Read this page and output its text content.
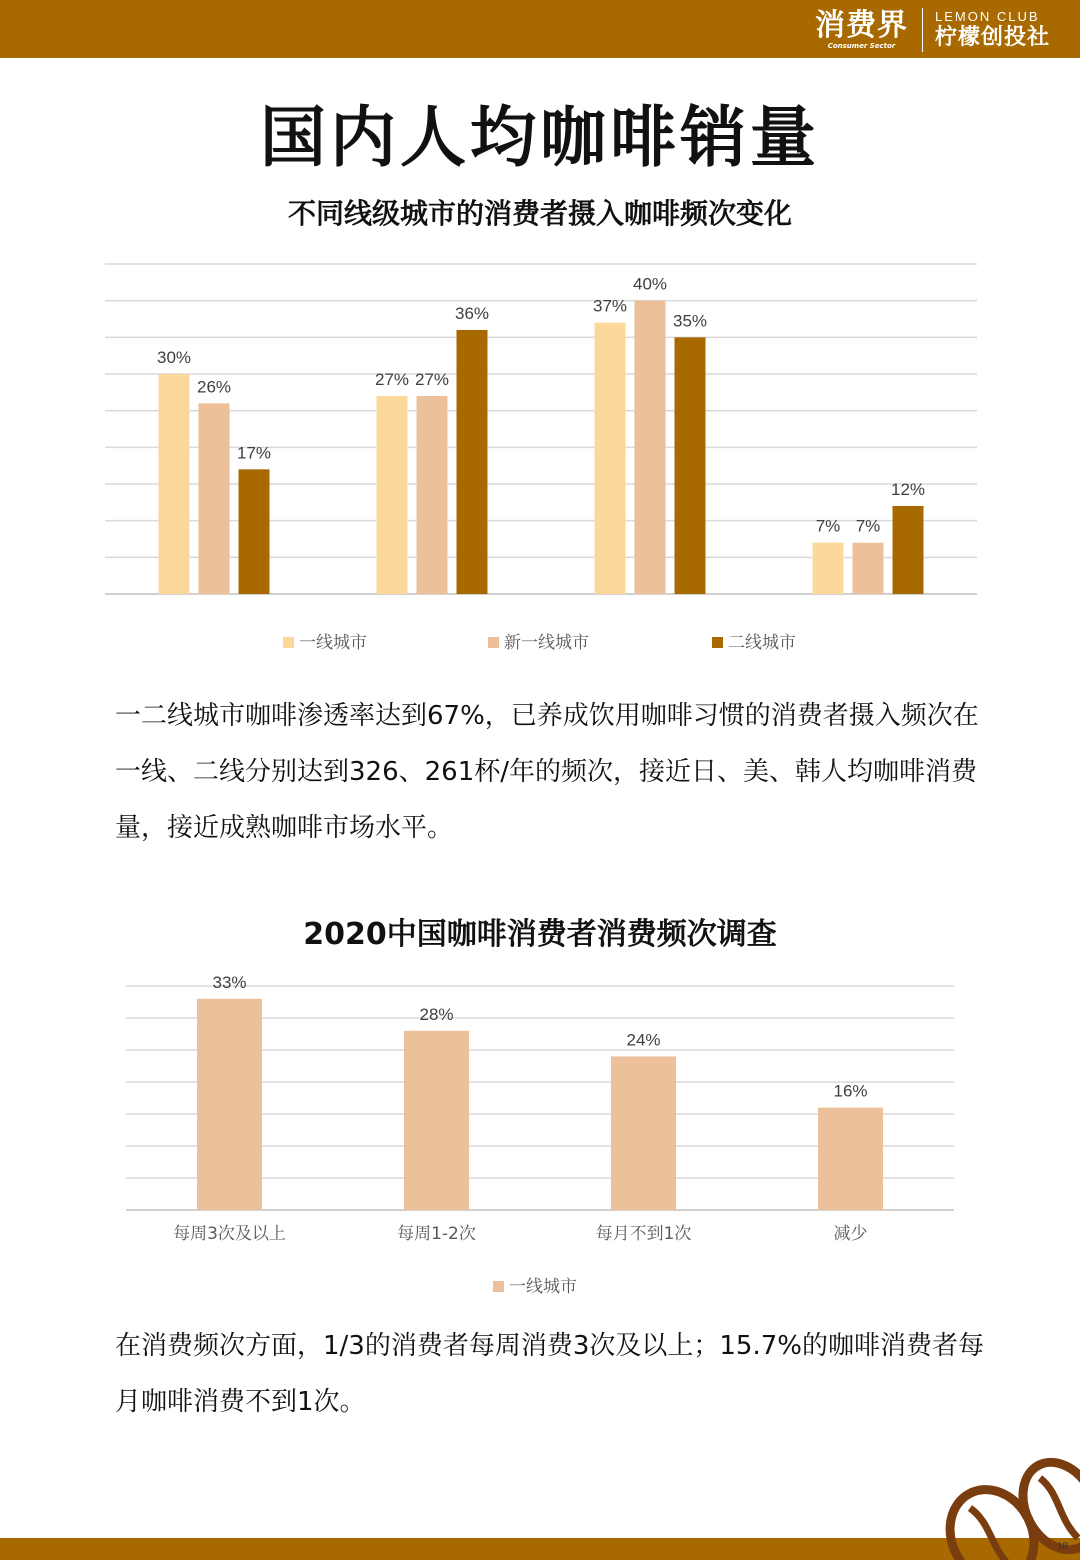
消费界
Consumer Sector
LEMON CLUB
柠檬创投社
国内人均咖啡销量
不同线级城市的消费者摄入咖啡频次变化
30%
27%
37%
7%
26%	27%
40%
7%
17%
36%	35%
12%
一线城市	新一线城市	二线城市
一二线城市咖啡渗透率达到67%，已养成饮用咖啡习惯的消费者摄入频次在一线、二线分别达到326、261杯/年的频次，接近日、美、韩人均咖啡消费量，接近成熟咖啡市场水平。
2020中国咖啡消费者消费频次调查
33%
28%
24%
16%
每周3次及以上	每周1-2次	每月不到1次	减少
一线城市
在消费频次方面，1/3的消费者每周消费3次及以上；15.7%的咖啡消费者每月咖啡消费不到1次。
18
